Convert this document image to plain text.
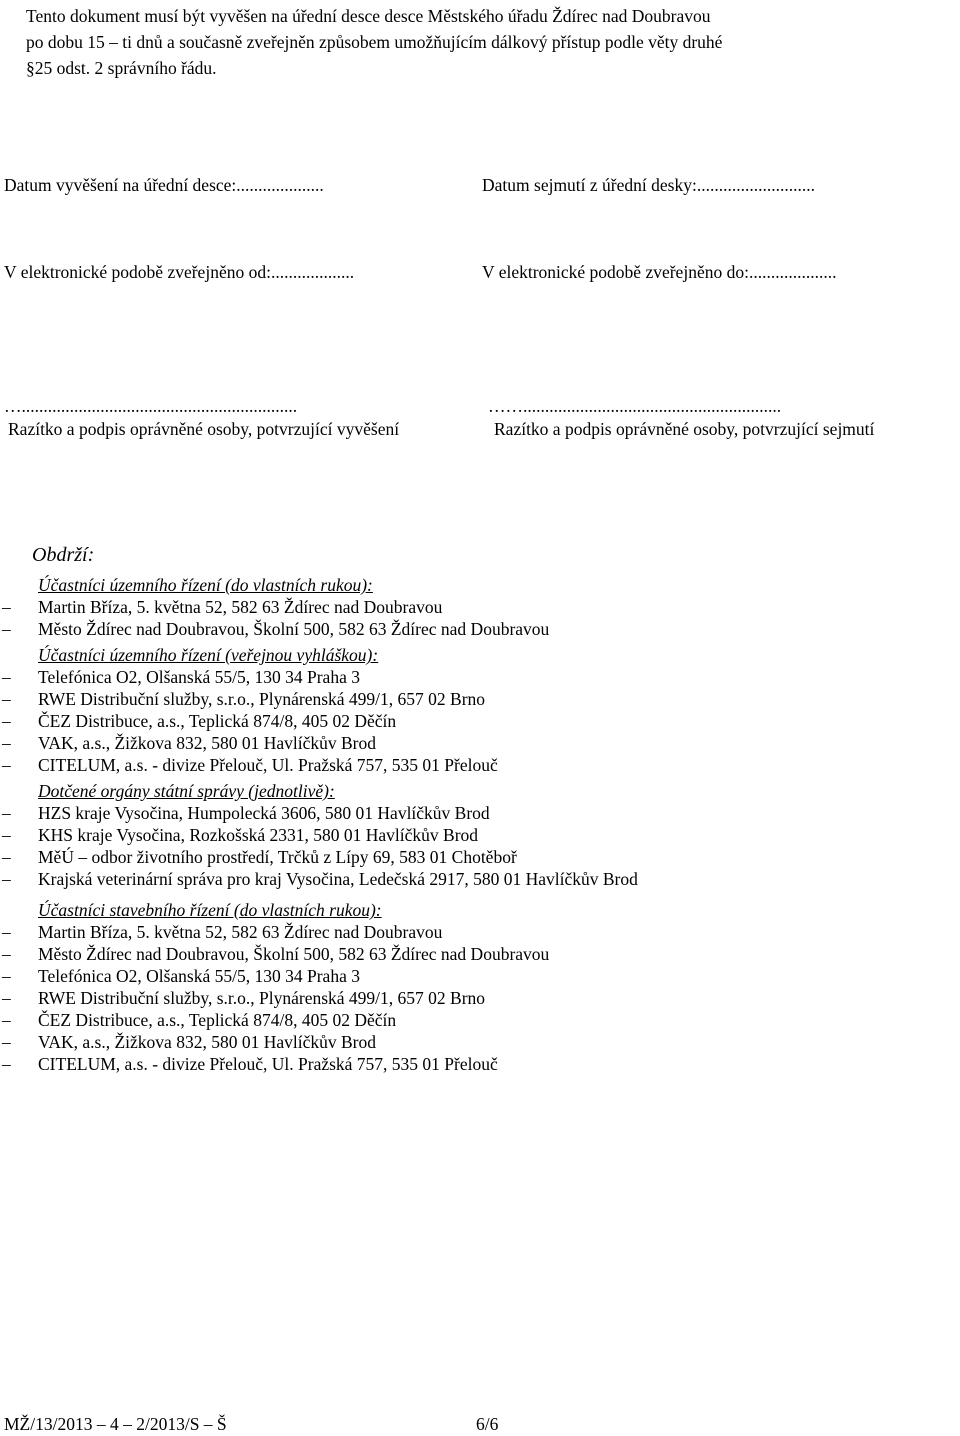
Tento dokument musí být vyvěšen na úřední desce desce Městského úřadu Ždírec nad Doubravou

po dobu 15 – ti dnů a současně zveřejněn způsobem umožňujícím dálkový přístup podle věty druhé

§25 odst. 2 správního řádu.

Datum vyvěšení na úřední desce:....................	Datum sejmutí z úřední desky:...........................
V elektronické podobě zveřejněno od:...................	V elektronické podobě zveřejněno do:....................
…...............................................................
Razítko a podpis oprávněné osoby, potvrzující vyvěšení
……...........................................................
Razítko a podpis oprávněné osoby, potvrzující sejmutí
Obdrží:

Účastníci územního řízení (do vlastních rukou):

–	Martin Bříza, 5. května 52, 582 63 Ždírec nad Doubravou
–	Město Ždírec nad Doubravou, Školní 500, 582 63 Ždírec nad Doubravou

Účastníci územního řízení (veřejnou vyhláškou):

–	Telefónica O2, Olšanská 55/5, 130 34 Praha 3
–	RWE Distribuční služby, s.r.o., Plynárenská 499/1, 657 02 Brno
–	ČEZ Distribuce, a.s., Teplická 874/8, 405 02 Děčín
–	VAK, a.s., Žižkova 832, 580 01 Havlíčkův Brod
–	CITELUM, a.s. - divize Přelouč, Ul. Pražská 757, 535 01 Přelouč

Dotčené orgány státní správy (jednotlivě):

–	HZS kraje Vysočina, Humpolecká 3606, 580 01 Havlíčkův Brod
–	KHS kraje Vysočina, Rozkošská 2331, 580 01 Havlíčkův Brod
–	MěÚ – odbor životního prostředí, Trčků z Lípy 69, 583 01 Chotěboř
–	Krajská veterinární správa pro kraj Vysočina, Ledečská 2917, 580 01 Havlíčkův Brod

Účastníci stavebního řízení (do vlastních rukou):

–	Martin Bříza, 5. května 52, 582 63 Ždírec nad Doubravou
–	Město Ždírec nad Doubravou, Školní 500, 582 63 Ždírec nad Doubravou
–	Telefónica O2, Olšanská 55/5, 130 34 Praha 3
–	RWE Distribuční služby, s.r.o., Plynárenská 499/1, 657 02 Brno
–	ČEZ Distribuce, a.s., Teplická 874/8, 405 02 Děčín
–	VAK, a.s., Žižkova 832, 580 01 Havlíčkův Brod
–	CITELUM, a.s. - divize Přelouč, Ul. Pražská 757, 535 01 Přelouč
MŽ/13/2013 – 4 – 2/2013/S – Š	6/6
